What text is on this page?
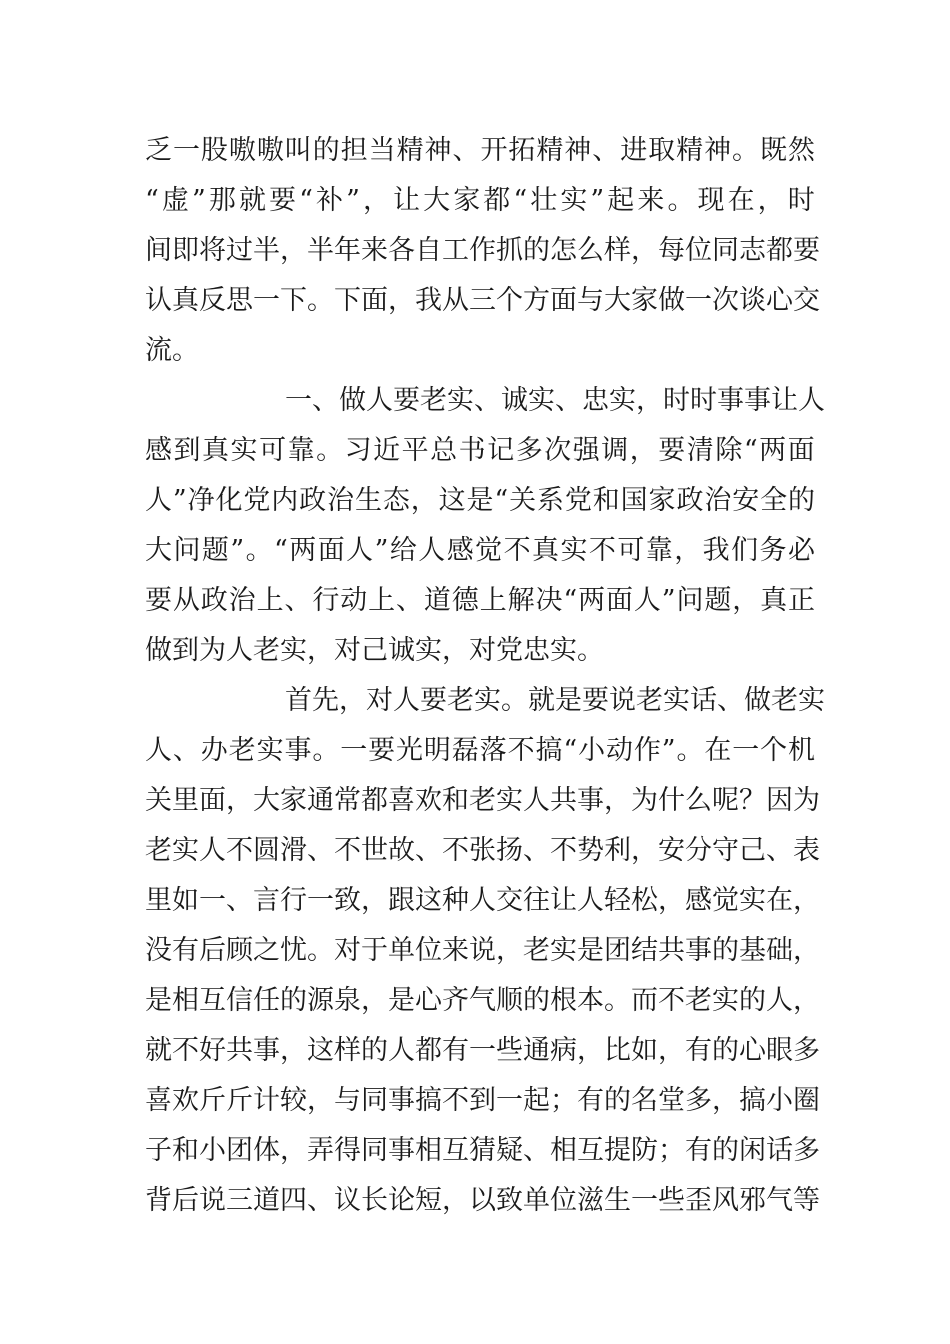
乏 一 股 嗷 嗷 叫 的 担 当 精 神 、 开 拓 精 神 、 进 取 精 神 。 既 然
“ 虚 ” 那 就 要 “ 补 ” ， 让 大 家 都 “ 壮 实 ” 起 来 。 现 在 ， 时
间 即 将 过 半 ， 半 年 来 各 自 工 作 抓 的 怎 么 样 ， 每 位 同 志 都 要
认 真 反 思 一 下 。 下 面 ， 我 从 三 个 方 面 与 大 家 做 一 次 谈 心 交
流。
一 、 做 人 要 老 实 、 诚 实 、 忠 实 ， 时 时 事 事 让 人
感 到 真 实 可 靠 。 习 近 平 总 书 记 多 次 强 调 ， 要 清 除 “ 两 面
人 ” 净 化 党 内 政 治 生 态 ， 这 是 “ 关 系 党 和 国 家 政 治 安 全 的
大 问 题 ” 。 “ 两 面 人 ” 给 人 感 觉 不 真 实 不 可 靠 ， 我 们 务 必
要 从 政 治 上 、 行 动 上 、 道 德 上 解 决 “ 两 面 人 ” 问 题 ， 真 正
做到为人老实，对己诚实，对党忠实。
首 先 ， 对 人 要 老 实 。 就 是 要 说 老 实 话 、 做 老 实
人 、 办 老 实 事 。 一 要 光 明 磊 落 不 搞 “ 小 动 作 ” 。 在 一 个 机
关 里 面 ， 大 家 通 常 都 喜 欢 和 老 实 人 共 事 ， 为 什 么 呢 ？ 因 为
老 实 人 不 圆 滑 、 不 世 故 、 不 张 扬 、 不 势 利 ， 安 分 守 己 、 表
里 如 一 、 言 行 一 致 ， 跟 这 种 人 交 往 让 人 轻 松 ， 感 觉 实 在 ，
没 有 后 顾 之 忧 。 对 于 单 位 来 说 ， 老 实 是 团 结 共 事 的 基 础 ，
是 相 互 信 任 的 源 泉 ， 是 心 齐 气 顺 的 根 本 。 而 不 老 实 的 人 ，
就 不 好 共 事 ， 这 样 的 人 都 有 一 些 通 病 ， 比 如 ， 有 的 心 眼 多
喜 欢 斤 斤 计 较 ， 与 同 事 搞 不 到 一 起 ； 有 的 名 堂 多 ， 搞 小 圈
子 和 小 团 体 ， 弄 得 同 事 相 互 猜 疑 、 相 互 提 防 ； 有 的 闲 话 多
背 后 说 三 道 四 、 议 长 论 短 ， 以 致 单 位 滋 生 一 些 歪 风 邪 气 等
